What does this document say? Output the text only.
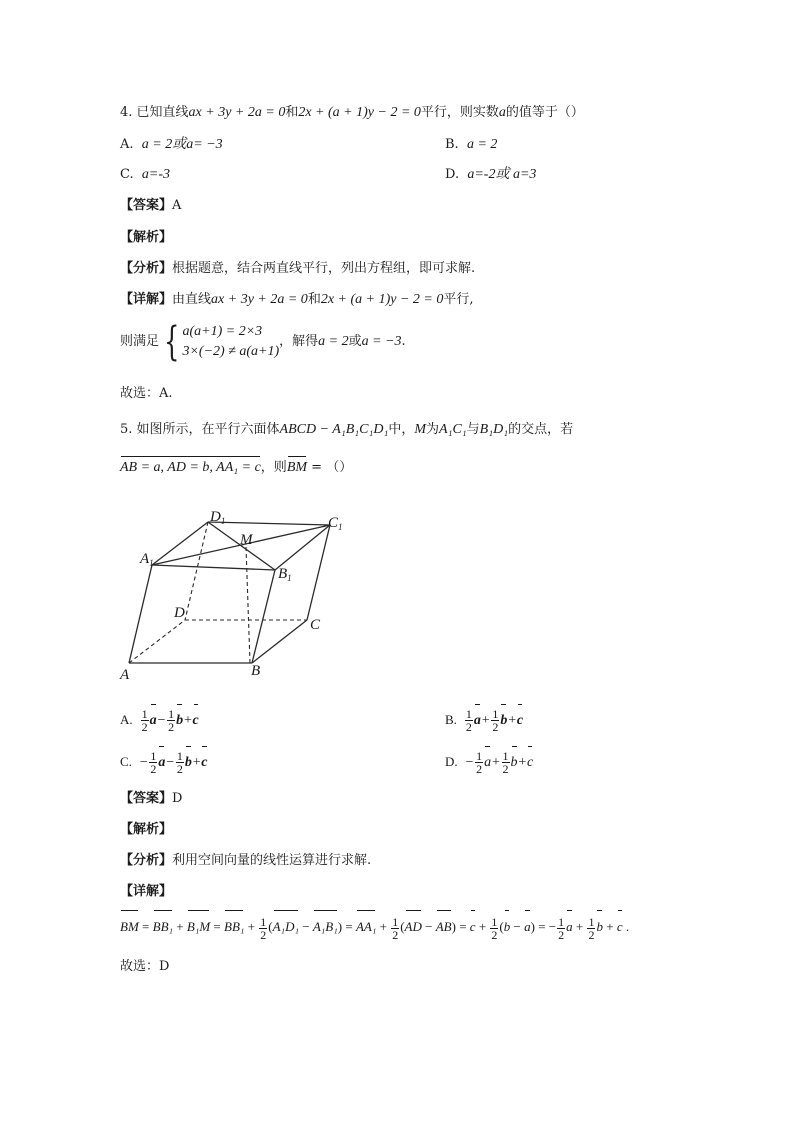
4. 已知直线ax + 3y + 2a = 0和2x + (a + 1)y − 2 = 0平行，则实数a的值等于（）
A. a = 2或a= −3	B. a = 2
C. a=-3	D. a=-2或 a=3
【答案】A
【解析】
【分析】根据题意，结合两直线平行，列出方程组，即可求解.
【详解】由直线ax + 3y + 2a = 0和2x + (a + 1)y − 2 = 0平行,
则满足 { a(a+1) = 2×3
3×(−2) ≠ a(a+1)
，解得a = 2或a = −3.
故选：A.
5. 如图所示，在平行六面体ABCD − A₁B₁C₁D₁中，M为A₁C₁与B₁D₁的交点，若
AB = a, AD = b, AA₁ = c，则BM = （）
$D_1$	$C_1$
$A_1$
$B_1$
M
D
C
A	B
A. $\frac{1}{2} a- \frac{1}{2} b+c$	B. $\frac{1}{2} a+ \frac{1}{2} b+c$
C. − $\frac{1}{2} a- \frac{1}{2} b+c$	D. − $\frac{1}{2} a+ \frac{1}{2} b+c$
【答案】D
【解析】
【分析】利用空间向量的线性运算进行求解.
【详解】
BM = $BB_1 + B_1M = BB_1 + \frac{1}{2} (A_1D_1 - A_1B_1) = AA_1 + \frac{1}{2} (AD - AB) = c + \frac{1}{2} (b - a)$ = − $\frac{1}{2}$ $a + \frac{1}{2}$ b + c .
故选：D
